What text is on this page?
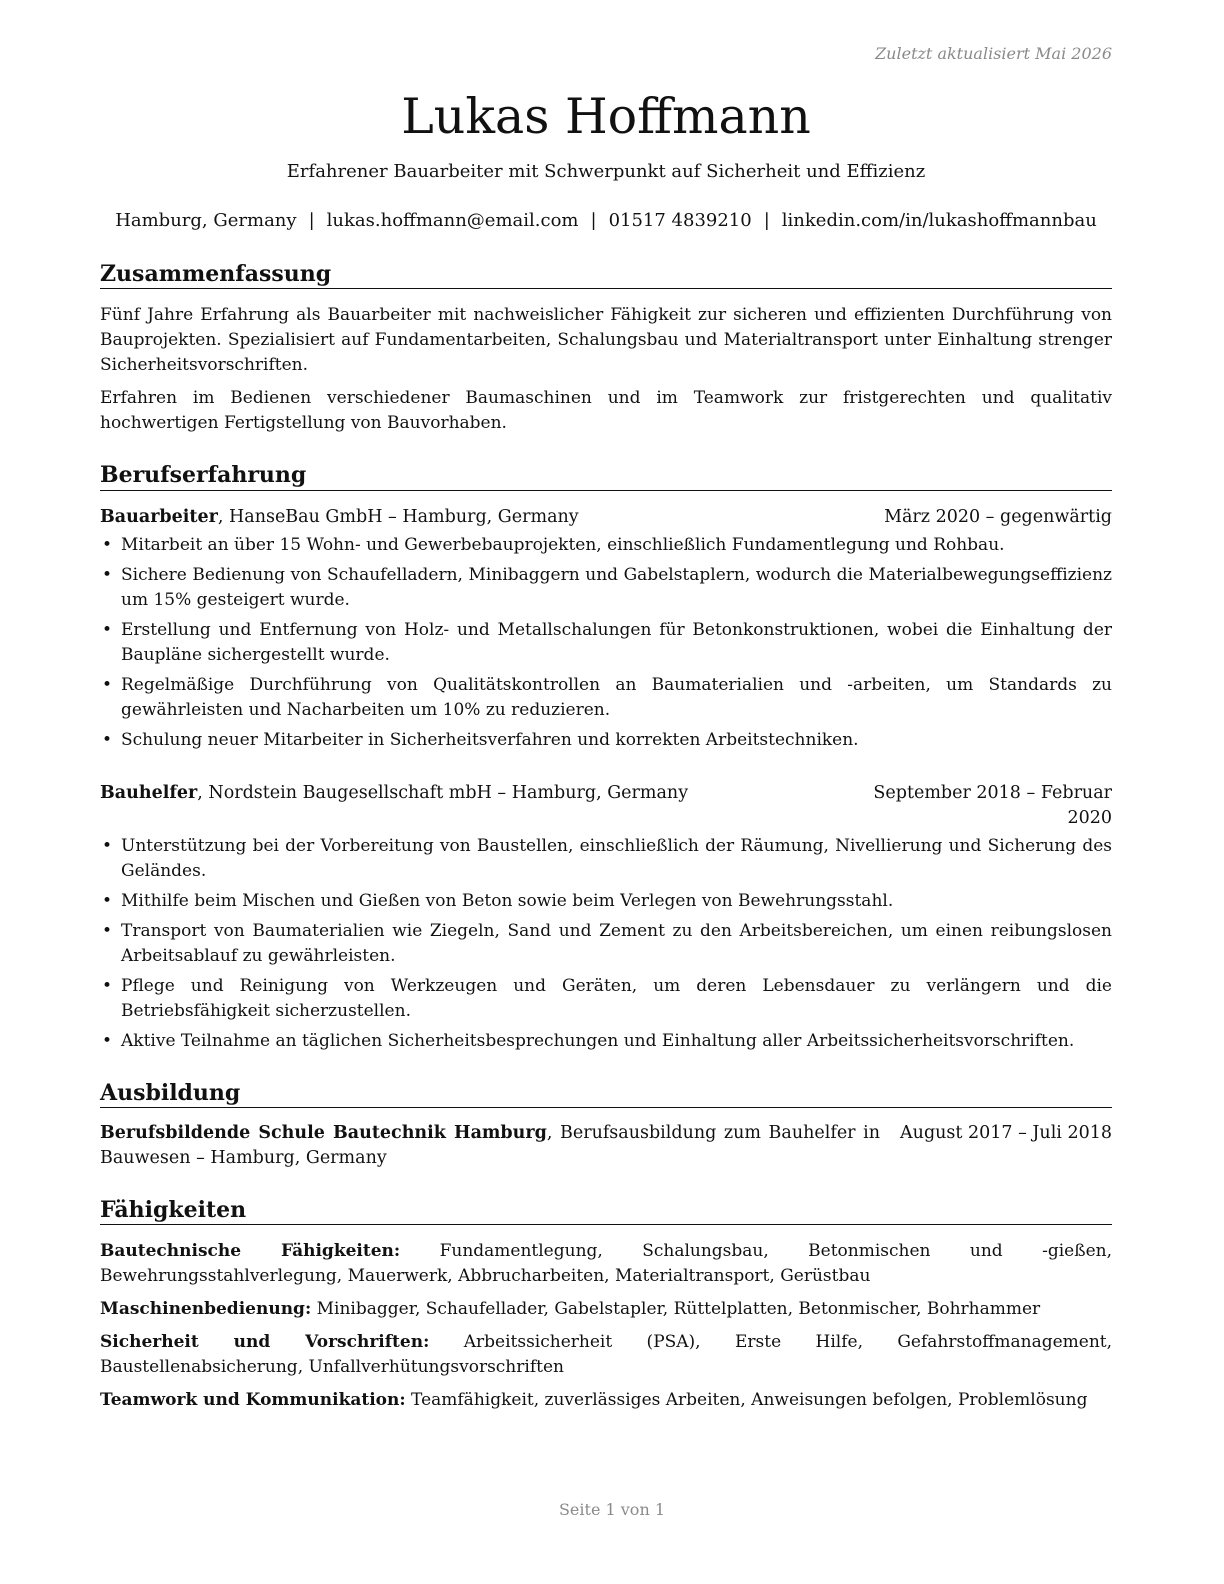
Zuletzt aktualisiert Mai 2026
Lukas Hoffmann
Erfahrener Bauarbeiter mit Schwerpunkt auf Sicherheit und Effizienz
Hamburg, Germany | lukas.hoffmann@email.com | 01517 4839210 | linkedin.com/in/lukashoffmannbau
Zusammenfassung

Fünf Jahre Erfahrung als Bauarbeiter mit nachweislicher Fähigkeit zur sicheren und effizienten Durchführung von Bauprojekten. Spezialisiert auf Fundamentarbeiten, Schalungsbau und Materialtransport unter Einhaltung strenger Sicherheitsvorschriften.

Erfahren im Bedienen verschiedener Baumaschinen und im Teamwork zur fristgerechten und qualitativ hochwertigen Fertigstellung von Bauvorhaben.

Berufserfahrung
Bauarbeiter, HanseBau GmbH – Hamburg, Germany	März 2020 – gegenwärtig
• Mitarbeit an über 15 Wohn- und Gewerbebauprojekten, einschließlich Fundamentlegung und Rohbau.
• Sichere Bedienung von Schaufelladern, Minibaggern und Gabelstaplern, wodurch die Materialbewegungseffizienz um 15% gesteigert wurde.
• Erstellung und Entfernung von Holz- und Metallschalungen für Betonkonstruktionen, wobei die Einhaltung der Baupläne sichergestellt wurde.
• Regelmäßige Durchführung von Qualitätskontrollen an Baumaterialien und -arbeiten, um Standards zu gewährleisten und Nacharbeiten um 10% zu reduzieren.
• Schulung neuer Mitarbeiter in Sicherheitsverfahren und korrekten Arbeitstechniken.
Bauhelfer, Nordstein Baugesellschaft mbH – Hamburg, Germany	September 2018 – Februar 2020
• Unterstützung bei der Vorbereitung von Baustellen, einschließlich der Räumung, Nivellierung und Sicherung des Geländes.
• Mithilfe beim Mischen und Gießen von Beton sowie beim Verlegen von Bewehrungsstahl.
• Transport von Baumaterialien wie Ziegeln, Sand und Zement zu den Arbeitsbereichen, um einen reibungslosen Arbeitsablauf zu gewährleisten.
• Pflege und Reinigung von Werkzeugen und Geräten, um deren Lebensdauer zu verlängern und die Betriebsfähigkeit sicherzustellen.
• Aktive Teilnahme an täglichen Sicherheitsbesprechungen und Einhaltung aller Arbeitssicherheitsvorschriften.
Ausbildung
Berufsbildende Schule Bautechnik Hamburg, Berufsausbildung zum Bauhelfer in Bauwesen – Hamburg, Germany
August 2017 – Juli 2018
Fähigkeiten
Bautechnische Fähigkeiten: Fundamentlegung, Schalungsbau, Betonmischen und -gießen, Bewehrungsstahlverlegung, Mauerwerk, Abbrucharbeiten, Materialtransport, Gerüstbau
Maschinenbedienung: Minibagger, Schaufellader, Gabelstapler, Rüttelplatten, Betonmischer, Bohrhammer
Sicherheit und Vorschriften: Arbeitssicherheit (PSA), Erste Hilfe, Gefahrstoffmanagement, Baustellenabsicherung, Unfallverhütungsvorschriften
Teamwork und Kommunikation: Teamfähigkeit, zuverlässiges Arbeiten, Anweisungen befolgen, Problemlösung
Seite 1 von 1
